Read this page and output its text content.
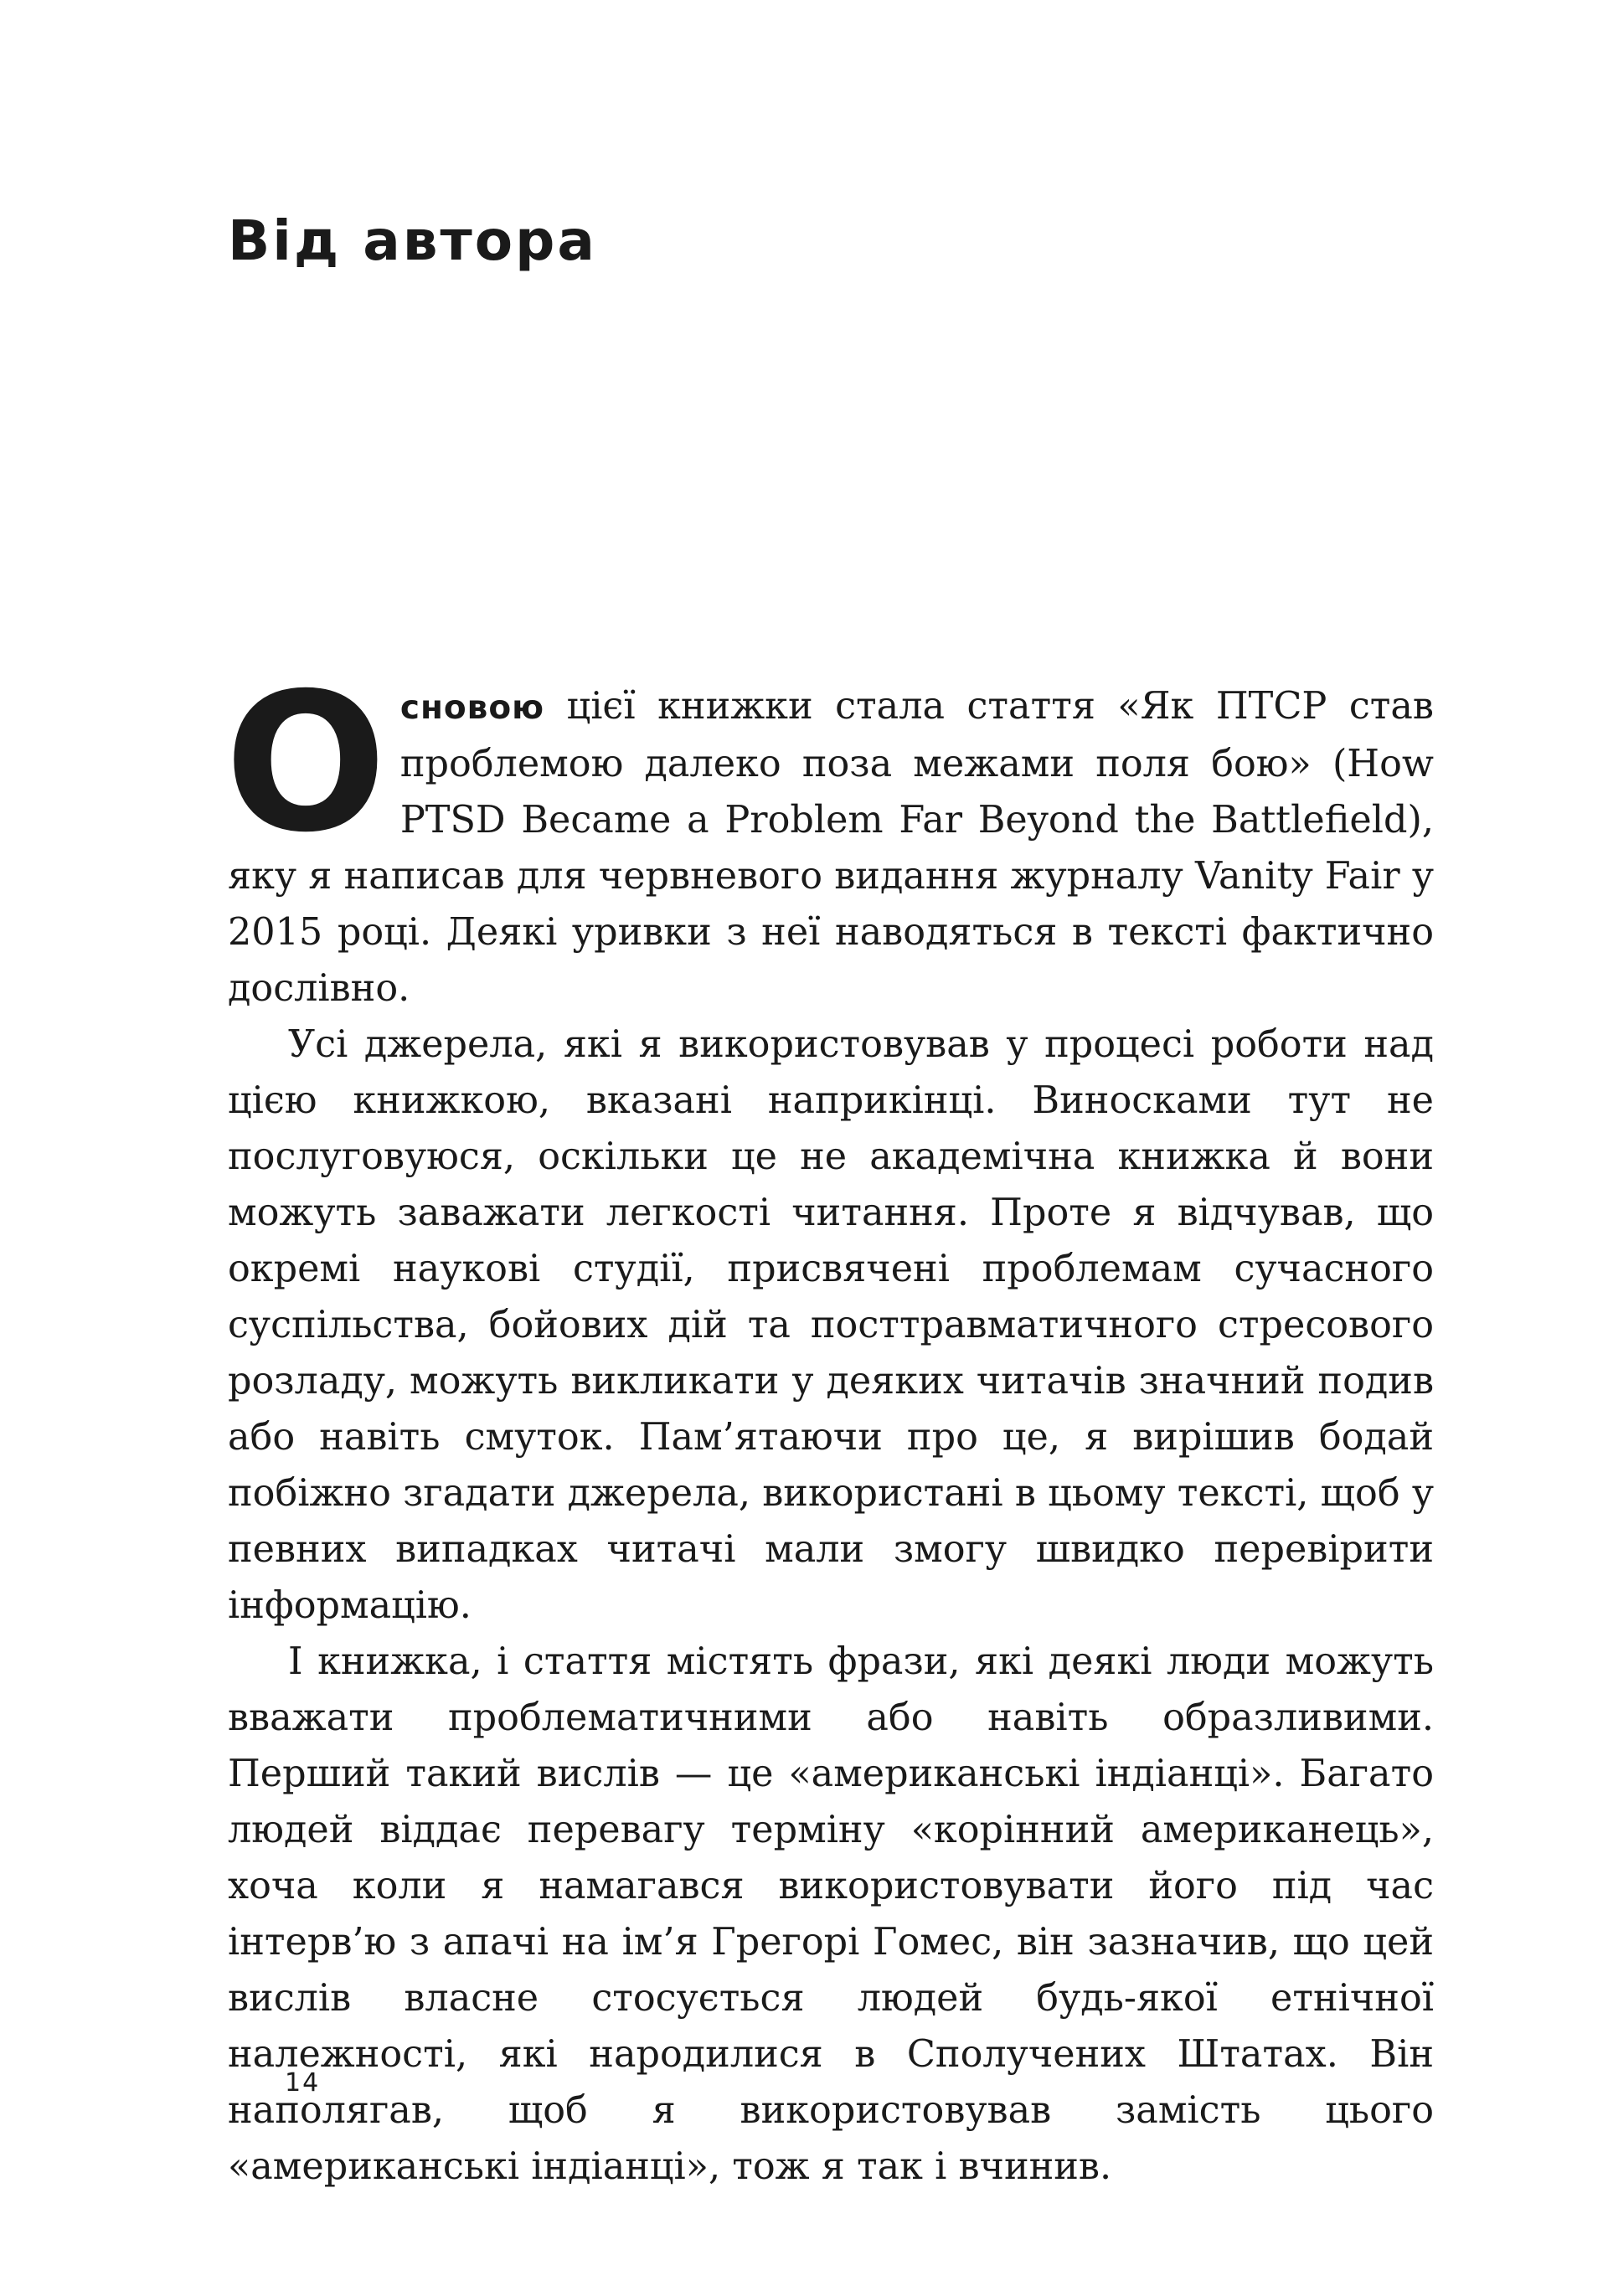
Від автора

Основою цієї книжки стала стаття «Як ПТСР став проблемою далеко поза межами поля бою» (How PTSD Became a Problem Far Beyond the Battlefield), яку я написав для червневого видання журналу Vanity Fair у 2015 році. Деякі уривки з неї наводяться в тексті фактично дослівно.

Усі джерела, які я використовував у процесі роботи над цією книжкою, вказані наприкінці. Виносками тут не послуговуюся, оскільки це не академічна книжка й вони можуть заважати легкості читання. Проте я відчував, що окремі наукові студії, присвячені проблемам сучасного суспільства, бойових дій та посттравматичного стресового розладу, можуть викликати у деяких читачів значний подив або навіть смуток. Пам’ятаючи про це, я вирішив бодай побіжно згадати джерела, використані в цьому тексті, щоб у певних випадках читачі мали змогу швидко перевірити інформацію.

І книжка, і стаття містять фрази, які деякі люди можуть вважати проблематичними або навіть образливими. Перший такий вислів — це «американські індіанці». Багато людей віддає перевагу терміну «корінний американець», хоча коли я намагався використовувати його під час інтерв’ю з апачі на ім’я Грегорі Гомес, він зазначив, що цей вислів власне стосується людей будь-якої етнічної належності, які народилися в Сполучених Штатах. Він наполягав, щоб я використовував замість цього «американські індіанці», тож я так і вчинив.

14
